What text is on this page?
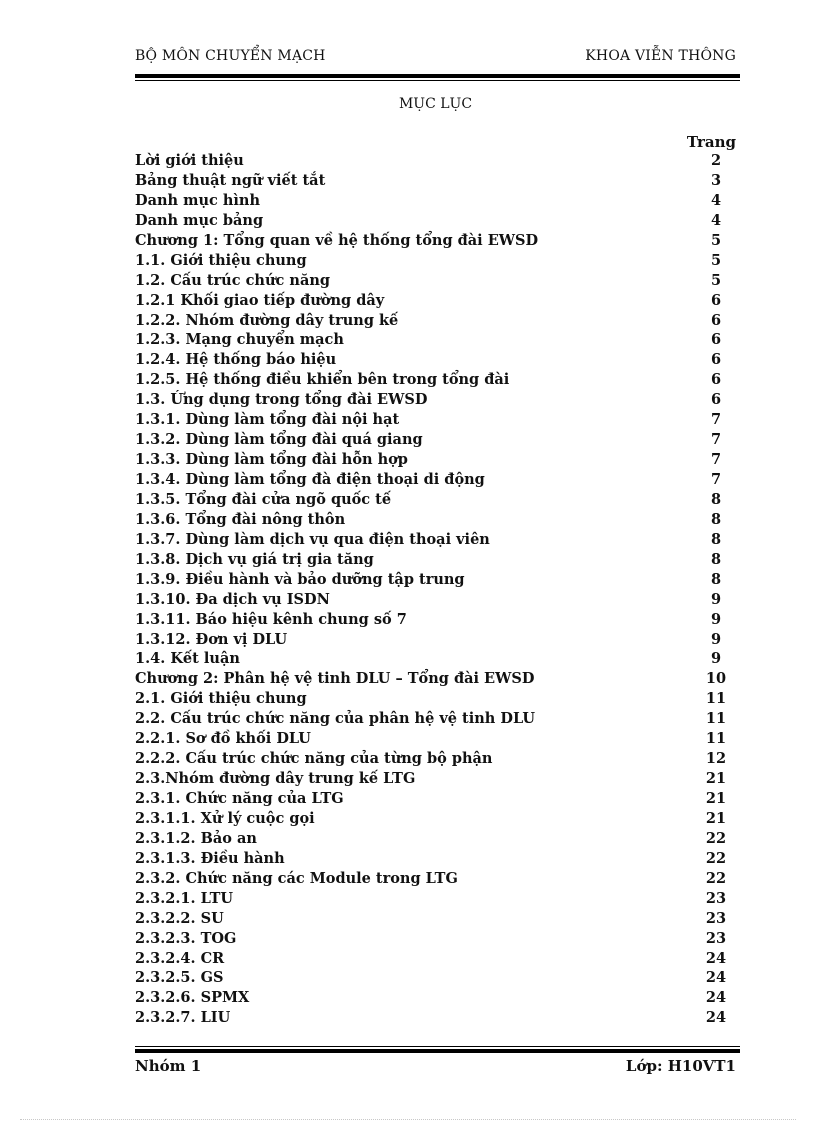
BỘ MÔN CHUYỂN MẠCH	KHOA VIỄN THÔNG
MỤC LỤC
Trang
Lời giới thiệu	2
Bảng thuật ngữ viết tắt	3
Danh mục hình	4
Danh mục bảng	4
Chương 1: Tổng quan về hệ thống tổng đài EWSD	5
1.1. Giới thiệu chung	5
1.2. Cấu trúc chức năng	5
1.2.1 Khối giao tiếp đường dây	6
1.2.2. Nhóm đường dây trung kế	6
1.2.3. Mạng chuyển mạch	6
1.2.4. Hệ thống báo hiệu	6
1.2.5. Hệ thống điều khiển bên trong tổng đài	6
1.3. Ứng dụng trong tổng đài EWSD	6
1.3.1. Dùng làm tổng đài nội hạt	7
1.3.2. Dùng làm tổng đài quá giang	7
1.3.3. Dùng làm tổng đài hỗn hợp	7
1.3.4. Dùng làm tổng đà điện thoại di động	7
1.3.5. Tổng đài cửa ngõ quốc tế	8
1.3.6. Tổng đài nông thôn	8
1.3.7. Dùng làm dịch vụ qua điện thoại viên	8
1.3.8. Dịch vụ giá trị gia tăng	8
1.3.9. Điều hành và bảo dưỡng tập trung	8
1.3.10. Đa dịch vụ ISDN	9
1.3.11. Báo hiệu kênh chung số 7	9
1.3.12. Đơn vị DLU	9
1.4. Kết luận	9
Chương 2: Phân hệ vệ tinh DLU – Tổng đài EWSD	10
2.1. Giới thiệu chung	11
2.2. Cấu trúc chức năng của phân hệ vệ tinh DLU	11
2.2.1. Sơ đồ khối DLU	11
2.2.2. Cấu trúc chức năng của từng bộ phận	12
2.3.Nhóm đường dây trung kế LTG	21
2.3.1. Chức năng của LTG	21
2.3.1.1. Xử lý cuộc gọi	21
2.3.1.2. Bảo an	22
2.3.1.3. Điều hành	22
2.3.2. Chức năng các Module trong LTG	22
2.3.2.1. LTU	23
2.3.2.2. SU	23
2.3.2.3. TOG	23
2.3.2.4. CR	24
2.3.2.5. GS	24
2.3.2.6. SPMX	24
2.3.2.7. LIU	24
Nhóm 1	Lớp: H10VT1
